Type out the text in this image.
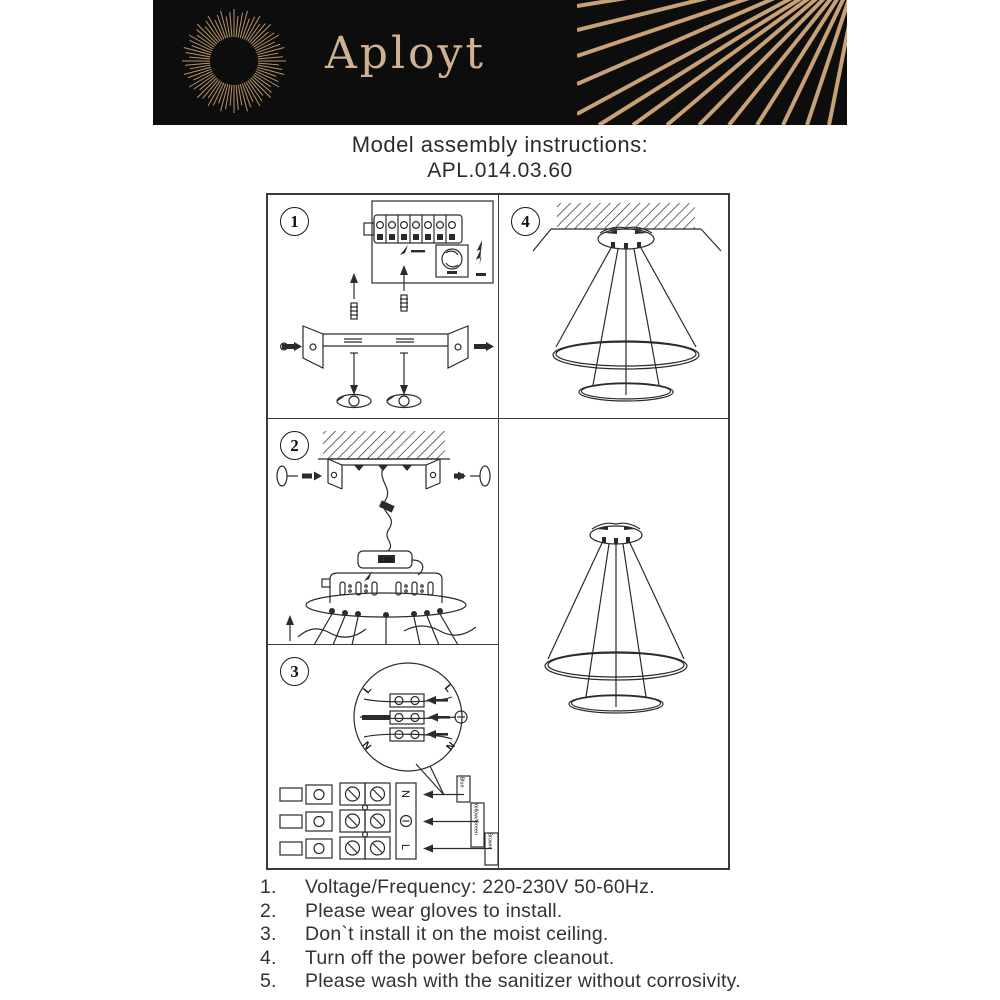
Aployt
Model assembly instructions:
APL.014.03.60
1
2
LED
3
L	L
N	N
N
L
Blue
Yellow/Green
Brown
4
1.	Voltage/Frequency: 220-230V 50-60Hz.
2.	Please wear gloves to install.
3.	Don`t install it on the moist ceiling.
4.	Turn off the power before cleanout.
5.	Please wash with the sanitizer without corrosivity.
